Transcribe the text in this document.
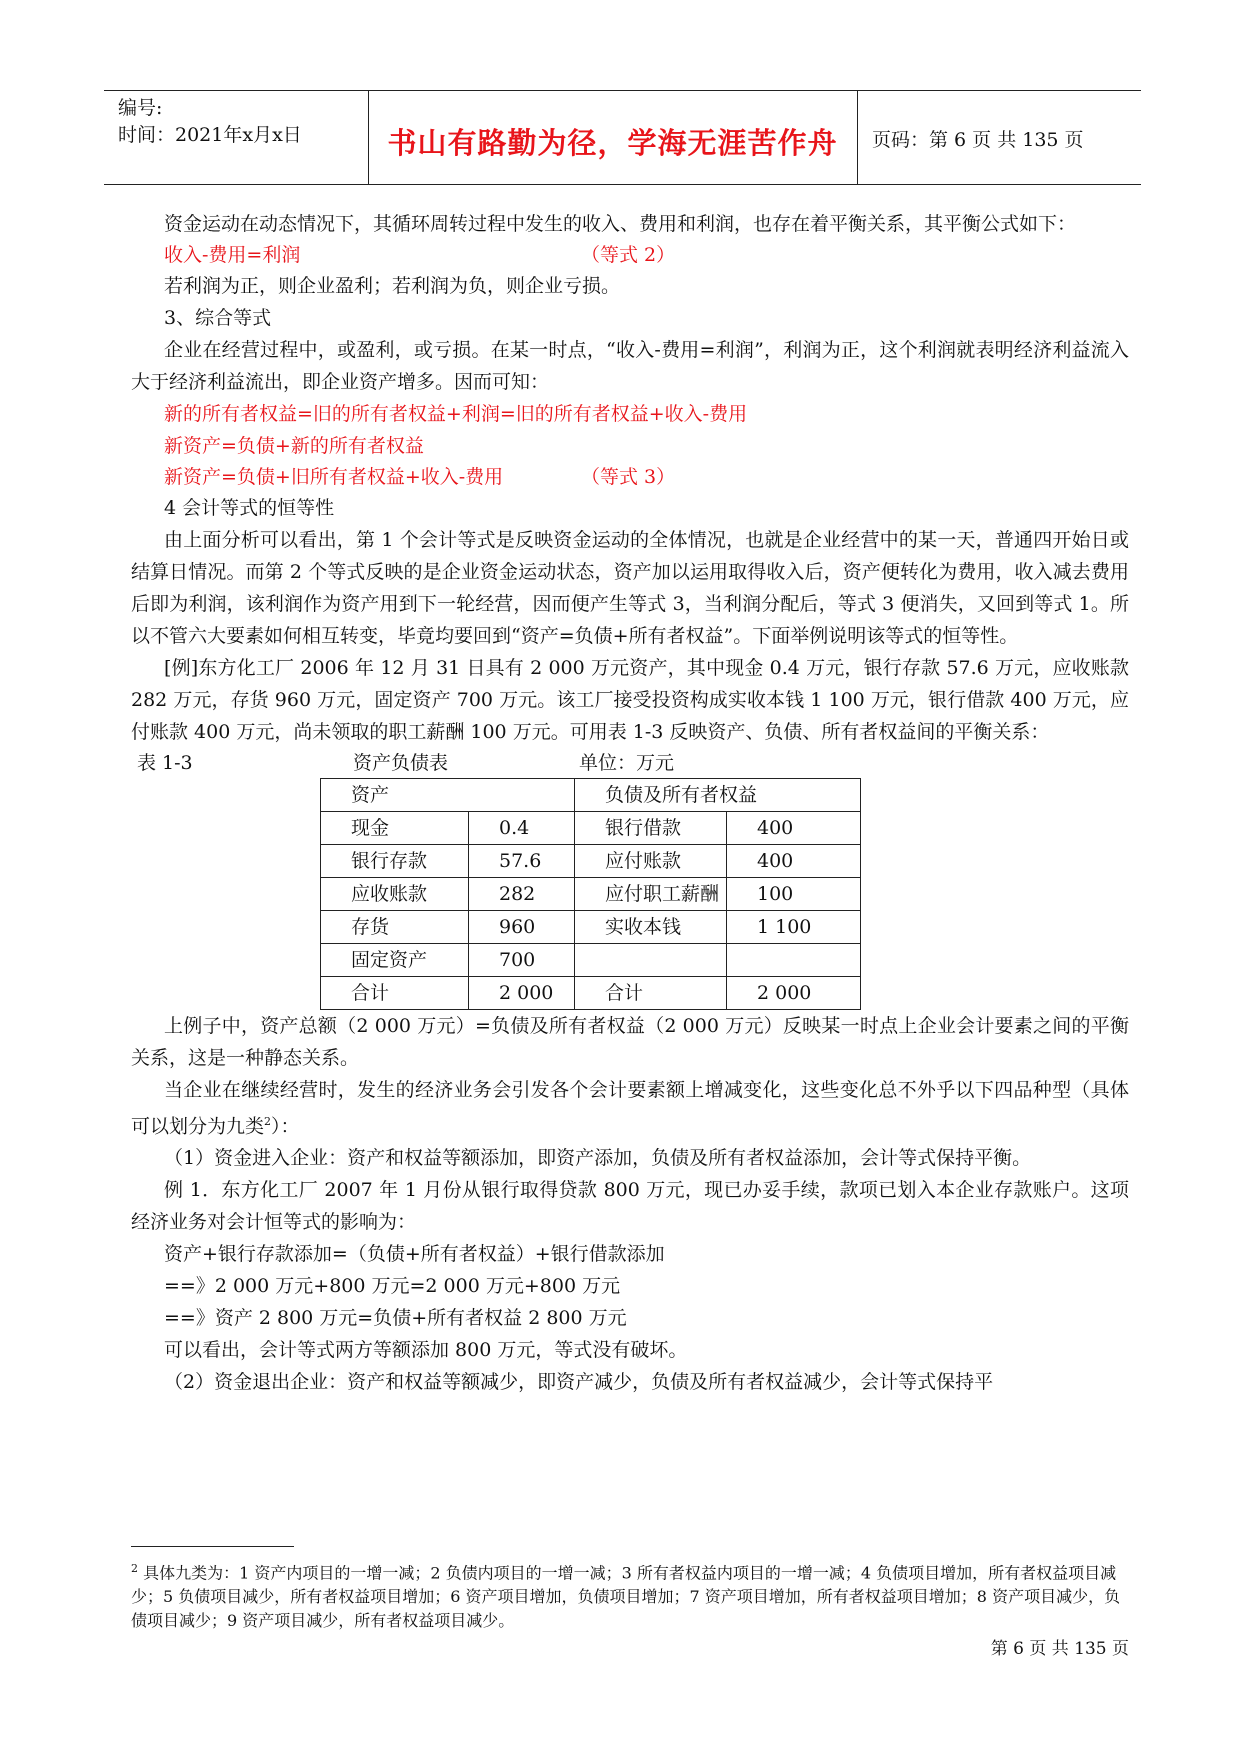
编号:
时间：2021年x月x日	书山有路勤为径，学海无涯苦作舟	页码：第 6 页 共 135 页

资金运动在动态情况下，其循环周转过程中发生的收入、费用和利润，也存在着平衡关系，其平衡公式如下：

收入-费用=利润	（等式 2）

若利润为正，则企业盈利；若利润为负，则企业亏损。

3、综合等式

企业在经营过程中，或盈利，或亏损。在某一时点，“收入-费用=利润”，利润为正，这个利润就表明经济利益流入大于经济利益流出，即企业资产增多。因而可知：

新的所有者权益=旧的所有者权益+利润=旧的所有者权益+收入-费用

新资产=负债+新的所有者权益

新资产=负债+旧所有者权益+收入-费用	（等式 3）

4 会计等式的恒等性

由上面分析可以看出，第 1 个会计等式是反映资金运动的全体情况，也就是企业经营中的某一天，普通四开始日或结算日情况。而第 2 个等式反映的是企业资金运动状态，资产加以运用取得收入后，资产便转化为费用，收入减去费用后即为利润，该利润作为资产用到下一轮经营，因而便产生等式 3，当利润分配后，等式 3 便消失，又回到等式 1。所以不管六大要素如何相互转变，毕竟均要回到“资产=负债+所有者权益”。下面举例说明该等式的恒等性。

[例]东方化工厂 2006 年 12 月 31 日具有 2 000 万元资产，其中现金 0.4 万元，银行存款 57.6 万元，应收账款 282 万元，存货 960 万元，固定资产 700 万元。该工厂接受投资构成实收本钱 1 100 万元，银行借款 400 万元，应付账款 400 万元，尚未领取的职工薪酬 100 万元。可用表 1-3 反映资产、负债、所有者权益间的平衡关系：

表 1-3	资产负债表	单位：万元

资产		负债及所有者权益	
现金	0.4	银行借款	400
银行存款	57.6	应付账款	400
应收账款	282	应付职工薪酬	100
存货	960	实收本钱	1 100
固定资产	700		
合计	2 000	合计	2 000

上例子中，资产总额（2 000 万元）=负债及所有者权益（2 000 万元）反映某一时点上企业会计要素之间的平衡关系，这是一种静态关系。

当企业在继续经营时，发生的经济业务会引发各个会计要素额上增减变化，这些变化总不外乎以下四品种型（具体可以划分为九类$^2$）：

（1）资金进入企业：资产和权益等额添加，即资产添加，负债及所有者权益添加，会计等式保持平衡。

例 1．东方化工厂 2007 年 1 月份从银行取得贷款 800 万元，现已办妥手续，款项已划入本企业存款账户。这项经济业务对会计恒等式的影响为：

资产+银行存款添加=（负债+所有者权益）+银行借款添加

==》2 000 万元+800 万元=2 000 万元+800 万元

==》资产 2 800 万元=负债+所有者权益 2 800 万元

可以看出，会计等式两方等额添加 800 万元，等式没有破坏。

（2）资金退出企业：资产和权益等额减少，即资产减少，负债及所有者权益减少，会计等式保持平

$^2$ 具体九类为：1 资产内项目的一增一减；2 负债内项目的一增一减；3 所有者权益内项目的一增一减；4 负债项目增加，所有者权益项目减少；5 负债项目减少，所有者权益项目增加；6 资产项目增加，负债项目增加；7 资产项目增加，所有者权益项目增加；8 资产项目减少，负债项目减少；9 资产项目减少，所有者权益项目减少。
第 6 页 共 135 页
